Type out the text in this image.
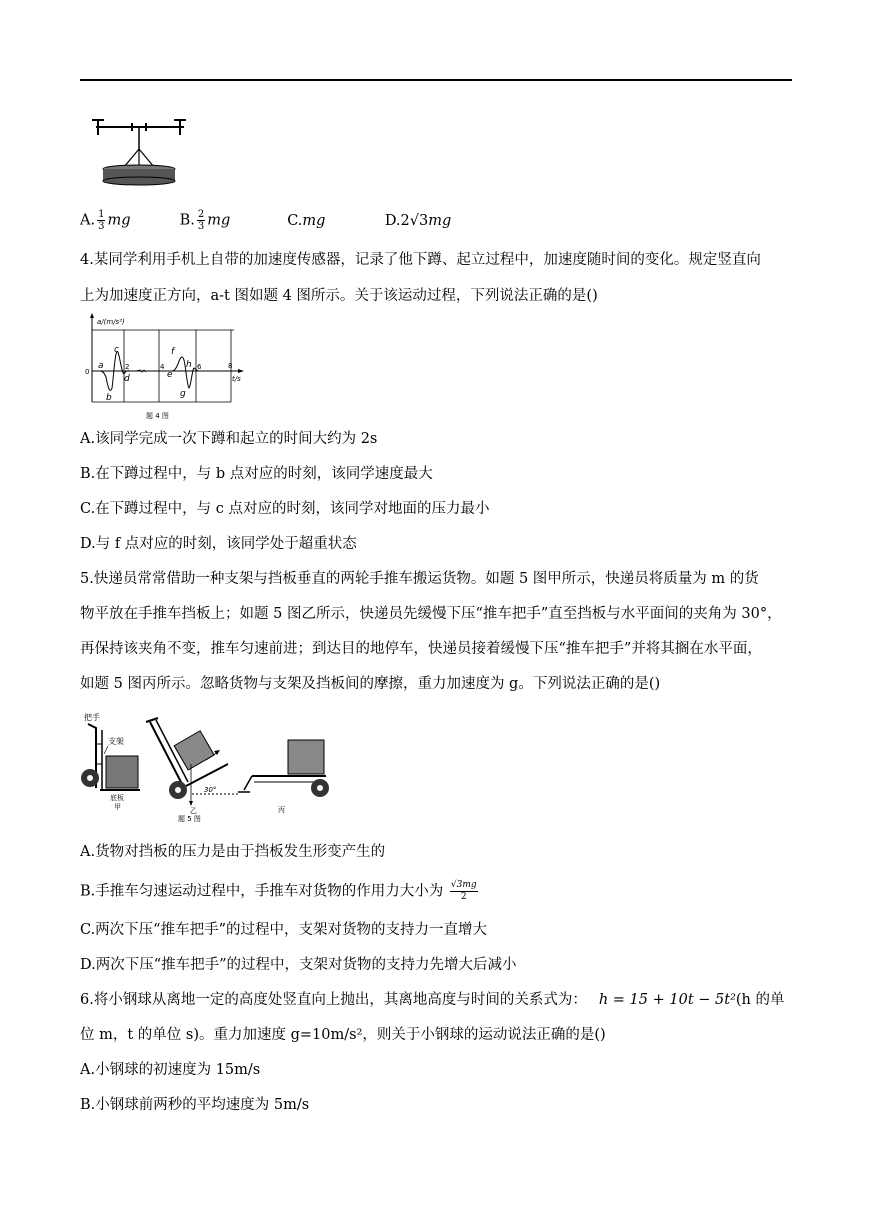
A. $\frac{1}{3}$ mg	B. $\frac{2}{3}$ mg	C.mg	D.2√3mg
4.某同学利用手机上自带的加速度传感器，记录了他下蹲、起立过程中，加速度随时间的变化。规定竖直向
上为加速度正方向，a-t 图如题 4 图所示。关于该运动过程，下列说法正确的是()
a/(m/s²)
0
a
b
c
d
2	4
e
f
g
h 6	8
t/s
题 4 图
A.该同学完成一次下蹲和起立的时间大约为 2s
B.在下蹲过程中，与 b 点对应的时刻，该同学速度最大
C.在下蹲过程中，与 c 点对应的时刻，该同学对地面的压力最小
D.与 f 点对应的时刻，该同学处于超重状态
5.快递员常常借助一种支架与挡板垂直的两轮手推车搬运货物。如题 5 图甲所示，快递员将质量为 m 的货
物平放在手推车挡板上；如题 5 图乙所示，快递员先缓慢下压“推车把手”直至挡板与水平面间的夹角为 30°，
再保持该夹角不变，推车匀速前进；到达目的地停车，快递员接着缓慢下压“推车把手”并将其搁在水平面，
如题 5 图丙所示。忽略货物与支架及挡板间的摩擦，重力加速度为 g。下列说法正确的是()
把手
支架
底板
甲
30°
乙	丙
题 5 图
A.货物对挡板的压力是由于挡板发生形变产生的
B.手推车匀速运动过程中，手推车对货物的作用力大小为 $\frac{√3mg}{2}$
C.两次下压“推车把手”的过程中，支架对货物的支持力一直增大
D.两次下压“推车把手”的过程中，支架对货物的支持力先增大后减小
6.将小钢球从离地一定的高度处竖直向上抛出，其离地高度与时间的关系式为： h = 15 + 10t − 5t²(h 的单
位 m，t 的单位 s)。重力加速度 g=10m/s²，则关于小钢球的运动说法正确的是()
A.小钢球的初速度为 15m/s
B.小钢球前两秒的平均速度为 5m/s
